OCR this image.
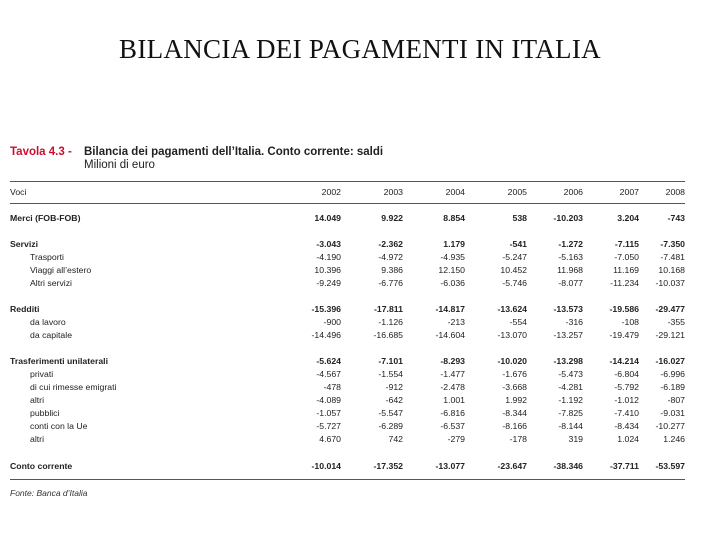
BILANCIA DEI PAGAMENTI IN ITALIA
Tavola 4.3 - Bilancia dei pagamenti dell’Italia. Conto corrente: saldi
Milioni di euro
Voci	2002	2003	2004	2005	2006	2007	2008
Merci (FOB-FOB)	14.049	9.922	8.854	538	-10.203	3.204	-743
Servizi	-3.043	-2.362	1.179	-541	-1.272	-7.115	-7.350
Trasporti	-4.190	-4.972	-4.935	-5.247	-5.163	-7.050	-7.481
Viaggi all’estero	10.396	9.386	12.150	10.452	11.968	11.169	10.168
Altri servizi	-9.249	-6.776	-6.036	-5.746	-8.077	-11.234	-10.037
Redditi	-15.396	-17.811	-14.817	-13.624	-13.573	-19.586	-29.477
da lavoro	-900	-1.126	-213	-554	-316	-108	-355
da capitale	-14.496	-16.685	-14.604	-13.070	-13.257	-19.479	-29.121
Trasferimenti unilaterali	-5.624	-7.101	-8.293	-10.020	-13.298	-14.214	-16.027
privati	-4.567	-1.554	-1.477	-1.676	-5.473	-6.804	-6.996
di cui rimesse emigrati	-478	-912	-2.478	-3.668	-4.281	-5.792	-6.189
altri	-4.089	-642	1.001	1.992	-1.192	-1.012	-807
pubblici	-1.057	-5.547	-6.816	-8.344	-7.825	-7.410	-9.031
conti con la Ue	-5.727	-6.289	-6.537	-8.166	-8.144	-8.434	-10.277
altri	4.670	742	-279	-178	319	1.024	1.246
Conto corrente	-10.014	-17.352	-13.077	-23.647	-38.346	-37.711	-53.597
Fonte: Banca d’Italia
